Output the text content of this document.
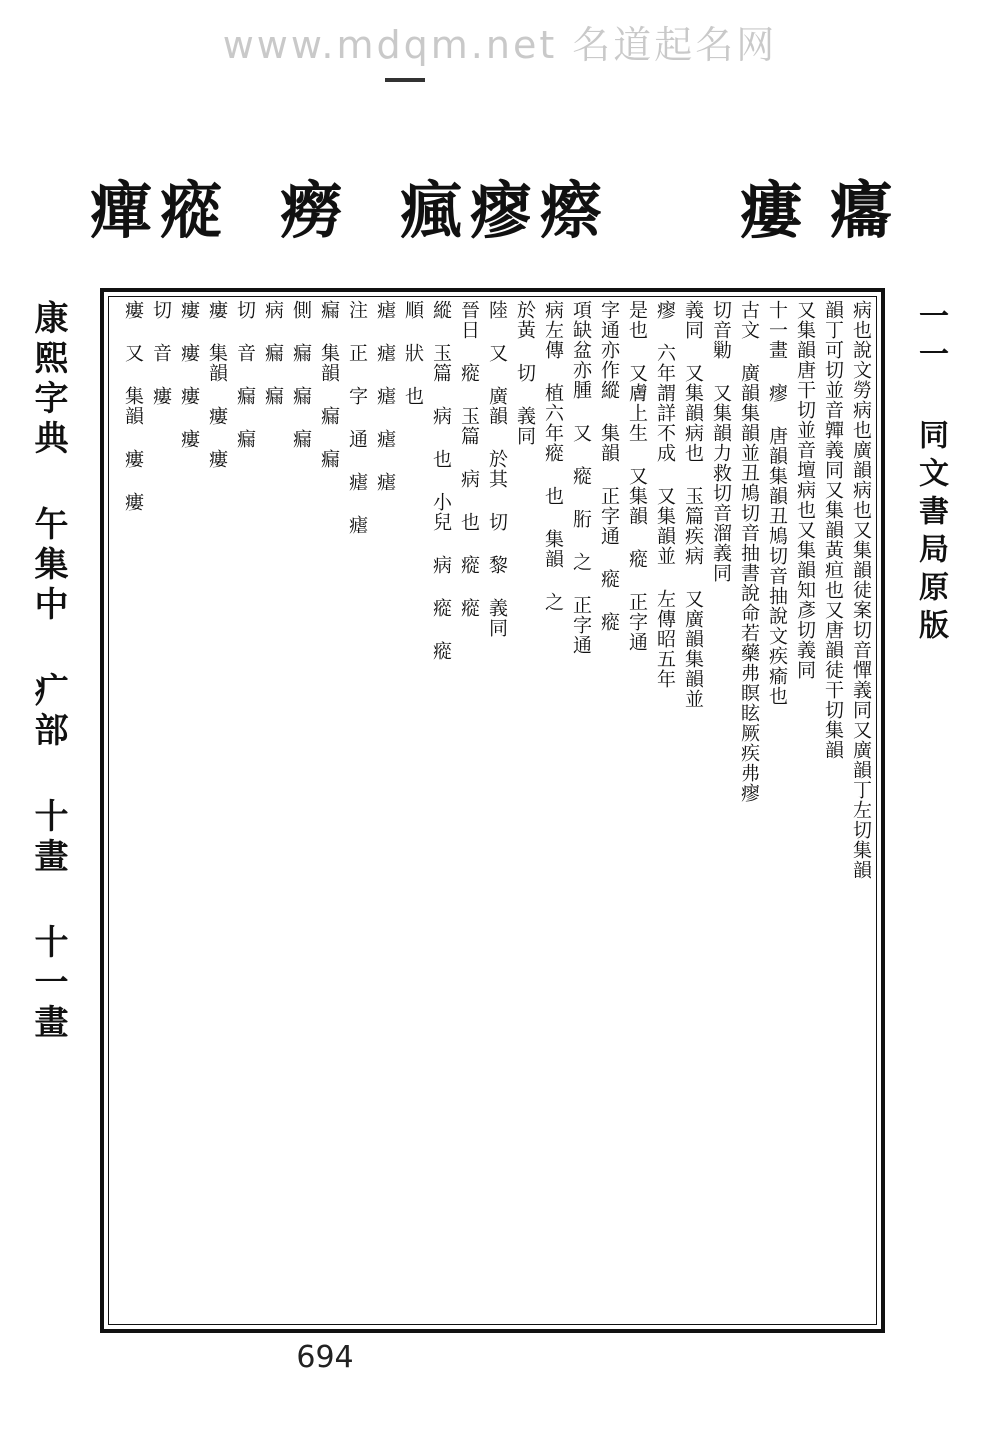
www.mdqm.net 名道起名网
癉 瘲 癆 瘋 瘳 瘵 瘻 癟
病也說文勞病也廣韻病也又集韻徒案切音憚義同又廣韻丁左切集韻
韻丁可切並音嚲義同又集韻黃疸也又唐韻徒干切集韻
又集韻唐干切並音壇病也又集韻知彥切義同
十一畫 瘳 唐韻集韻丑鳩切音抽說文疾瘉也
古文 廣韻集韻並丑鳩切音抽書說命若藥弗瞑眩厥疾弗瘳
切音勦 又集韻力救切音溜義同
義同 又集韻病也 玉篇疾病 又廣韻集韻並
瘳 六年謂詳不成 又集韻並 左傳昭五年
是也 又膚上生 又集韻 瘲 正字通
字通亦作縱 集韻 正字通 瘲 瘲
項缺盆亦腫 又 瘲 胻 之 正字通
病左傳 植六年瘲 也 集韻 之
於黃 切 義同
陸 又 廣韻 於其 切 黎 義同
晉日 瘲 玉篇 病 也 瘲 瘲
縱 玉篇 病 也 小兒 病 瘲 瘲
順 狀 也
瘧 瘧 瘧 瘧 瘧
注 正 字 通 瘧 瘧
瘺 集韻 瘺 瘺
側 瘺 瘺 瘺
病 瘺 瘺
切 音 瘺 瘺
瘻 集韻 瘻 瘻
瘻 瘻 瘻 瘻
切 音 瘻
瘻 又 集韻 瘻 瘻
康熙字典 午集中 疒部 十畫 十一畫	一一 同文書局原版
694
